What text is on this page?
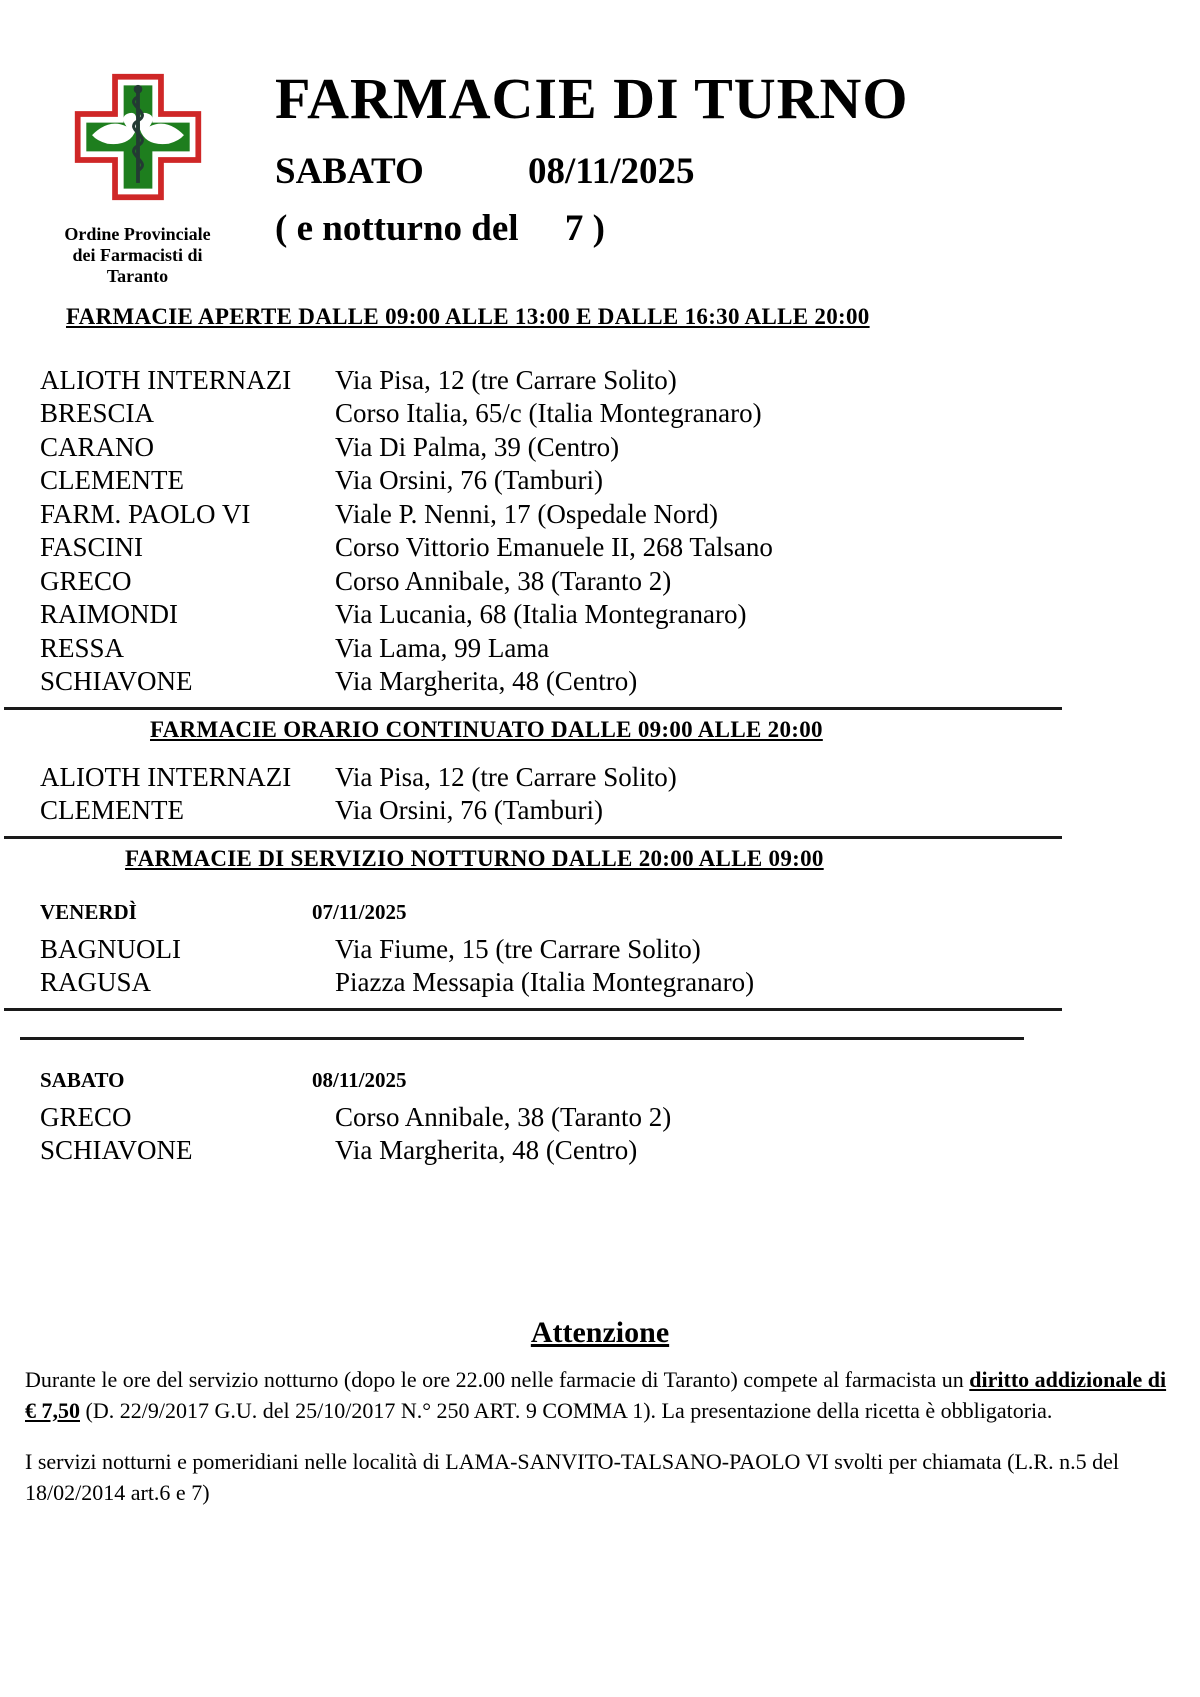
Ordine Provinciale
dei Farmacisti di
Taranto
FARMACIE DI TURNO
SABATO	08/11/2025
( e notturno del     7 )
FARMACIE APERTE DALLE 09:00 ALLE 13:00 E DALLE 16:30 ALLE 20:00
ALIOTH INTERNAZI	Via Pisa, 12 (tre Carrare Solito)
BRESCIA	Corso Italia, 65/c (Italia Montegranaro)
CARANO	Via Di Palma, 39 (Centro)
CLEMENTE	Via Orsini, 76 (Tamburi)
FARM. PAOLO VI	Viale P. Nenni, 17 (Ospedale Nord)
FASCINI	Corso Vittorio Emanuele II, 268 Talsano
GRECO	Corso Annibale, 38 (Taranto 2)
RAIMONDI	Via Lucania, 68 (Italia Montegranaro)
RESSA	Via Lama, 99 Lama
SCHIAVONE	Via Margherita, 48 (Centro)
FARMACIE ORARIO CONTINUATO DALLE 09:00 ALLE 20:00
ALIOTH INTERNAZI	Via Pisa, 12 (tre Carrare Solito)
CLEMENTE	Via Orsini, 76 (Tamburi)
FARMACIE DI SERVIZIO NOTTURNO DALLE 20:00 ALLE 09:00
VENERDÌ	07/11/2025
BAGNUOLI	Via Fiume, 15 (tre Carrare Solito)
RAGUSA	Piazza Messapia (Italia Montegranaro)
SABATO	08/11/2025
GRECO	Corso Annibale, 38 (Taranto 2)
SCHIAVONE	Via Margherita, 48 (Centro)
Attenzione

Durante le ore del servizio notturno (dopo le ore 22.00 nelle farmacie di Taranto) compete al farmacista un diritto addizionale di € 7,50 (D. 22/9/2017 G.U. del 25/10/2017 N.° 250 ART. 9 COMMA 1). La presentazione della ricetta è obbligatoria.

I servizi notturni e pomeridiani nelle località di LAMA-SANVITO-TALSANO-PAOLO VI svolti per chiamata (L.R. n.5 del 18/02/2014 art.6 e 7)
